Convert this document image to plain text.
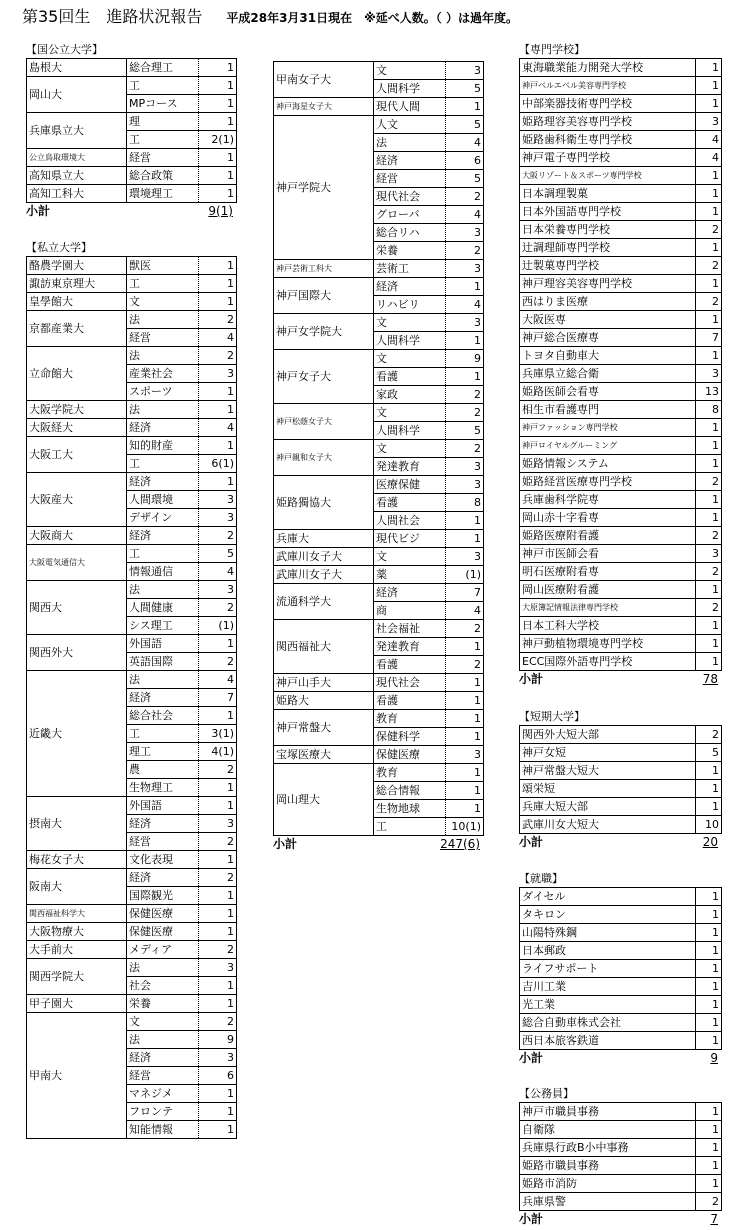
第35回生　進路状況報告 平成28年3月31日現在　※延べ人数。（ ）は過年度。
【国公立大学】
島根大	総合理工	1
岡山大	工	1
	MPコース	1
兵庫県立大	理	1
	工	2(1)
公立鳥取環境大	経営	1
高知県立大	総合政策	1
高知工科大	環境理工	1
小計	9(1)
【私立大学】
酪農学園大	獣医	1
諏訪東京理大	工	1
皇學館大	文	1
京都産業大	法	2
	経営	4
立命館大	法	2
	産業社会	3
	スポーツ	1
大阪学院大	法	1
大阪経大	経済	4
大阪工大	知的財産	1
	工	6(1)
大阪産大	経済	1
	人間環境	3
	デザイン	3
大阪商大	経済	2
大阪電気通信大	工	5
	情報通信	4
関西大	法	3
	人間健康	2
	シス理工	(1)
関西外大	外国語	1
	英語国際	2
近畿大	法	4
	経済	7
	総合社会	1
	工	3(1)
	理工	4(1)
	農	2
	生物理工	1
摂南大	外国語	1
	経済	3
	経営	2
梅花女子大	文化表現	1
阪南大	経済	2
	国際観光	1
関西福祉科学大	保健医療	1
大阪物療大	保健医療	1
大手前大	メディア	2
関西学院大	法	3
	社会	1
甲子園大	栄養	1
甲南大	文	2
	法	9
	経済	3
	経営	6
	マネジメ	1
	フロンテ	1
	知能情報	1
甲南女子大	文	3
	人間科学	5
神戸海星女子大	現代人間	1
神戸学院大	人文	5
	法	4
	経済	6
	経営	5
	現代社会	2
	グローバ	4
	総合リハ	3
	栄養	2
神戸芸術工科大	芸術工	3
神戸国際大	経済	1
	リハビリ	4
神戸女学院大	文	3
	人間科学	1
神戸女子大	文	9
	看護	1
	家政	2
神戸松蔭女子大	文	2
	人間科学	5
神戸親和女子大	文	2
	発達教育	3
姫路獨協大	医療保健	3
	看護	8
	人間社会	1
兵庫大	現代ビジ	1
武庫川女子大	文	3
武庫川女子大	薬	(1)
流通科学大	経済	7
	商	4
関西福祉大	社会福祉	2
	発達教育	1
	看護	2
神戸山手大	現代社会	1
姫路大	看護	1
神戸常盤大	教育	1
	保健科学	1
宝塚医療大	保健医療	3
岡山理大	教育	1
	総合情報	1
	生物地球	1
	工	10(1)
小計	247(6)
【専門学校】
東海職業能力開発大学校	1
神戸ベルエベル美容専門学校	1
中部楽器技術専門学校	1
姫路理容美容専門学校	3
姫路歯科衛生専門学校	4
神戸電子専門学校	4
大阪リゾート＆スポーツ専門学校	1
日本調理製菓	1
日本外国語専門学校	1
日本栄養専門学校	2
辻調理師専門学校	1
辻製菓専門学校	2
神戸理容美容専門学校	1
西はりま医療	2
大阪医専	1
神戸総合医療専	7
トヨタ自動車大	1
兵庫県立総合衛	3
姫路医師会看専	13
相生市看護専門	8
神戸ファッション専門学校	1
神戸ロイヤルグルーミング	1
姫路情報システム	1
姫路経営医療専門学校	2
兵庫歯科学院専	1
岡山赤十字看専	1
姫路医療附看護	2
神戸市医師会看	3
明石医療附看専	2
岡山医療附看護	1
大原簿記情報法律専門学校	2
日本工科大学校	1
神戸動植物環境専門学校	1
ECC国際外語専門学校	1
小計	78
【短期大学】
関西外大短大部	2
神戸女短	5
神戸常盤大短大	1
頌栄短	1
兵庫大短大部	1
武庫川女大短大	10
小計	20
【就職】
ダイセル	1
タキロン	1
山陽特殊鋼	1
日本郵政	1
ライフサポート	1
吉川工業	1
光工業	1
総合自動車株式会社	1
西日本旅客鉄道	1
小計	9
【公務員】
神戸市職員事務	1
自衛隊	1
兵庫県行政B小中事務	1
姫路市職員事務	1
姫路市消防	1
兵庫県警	2
小計	7
